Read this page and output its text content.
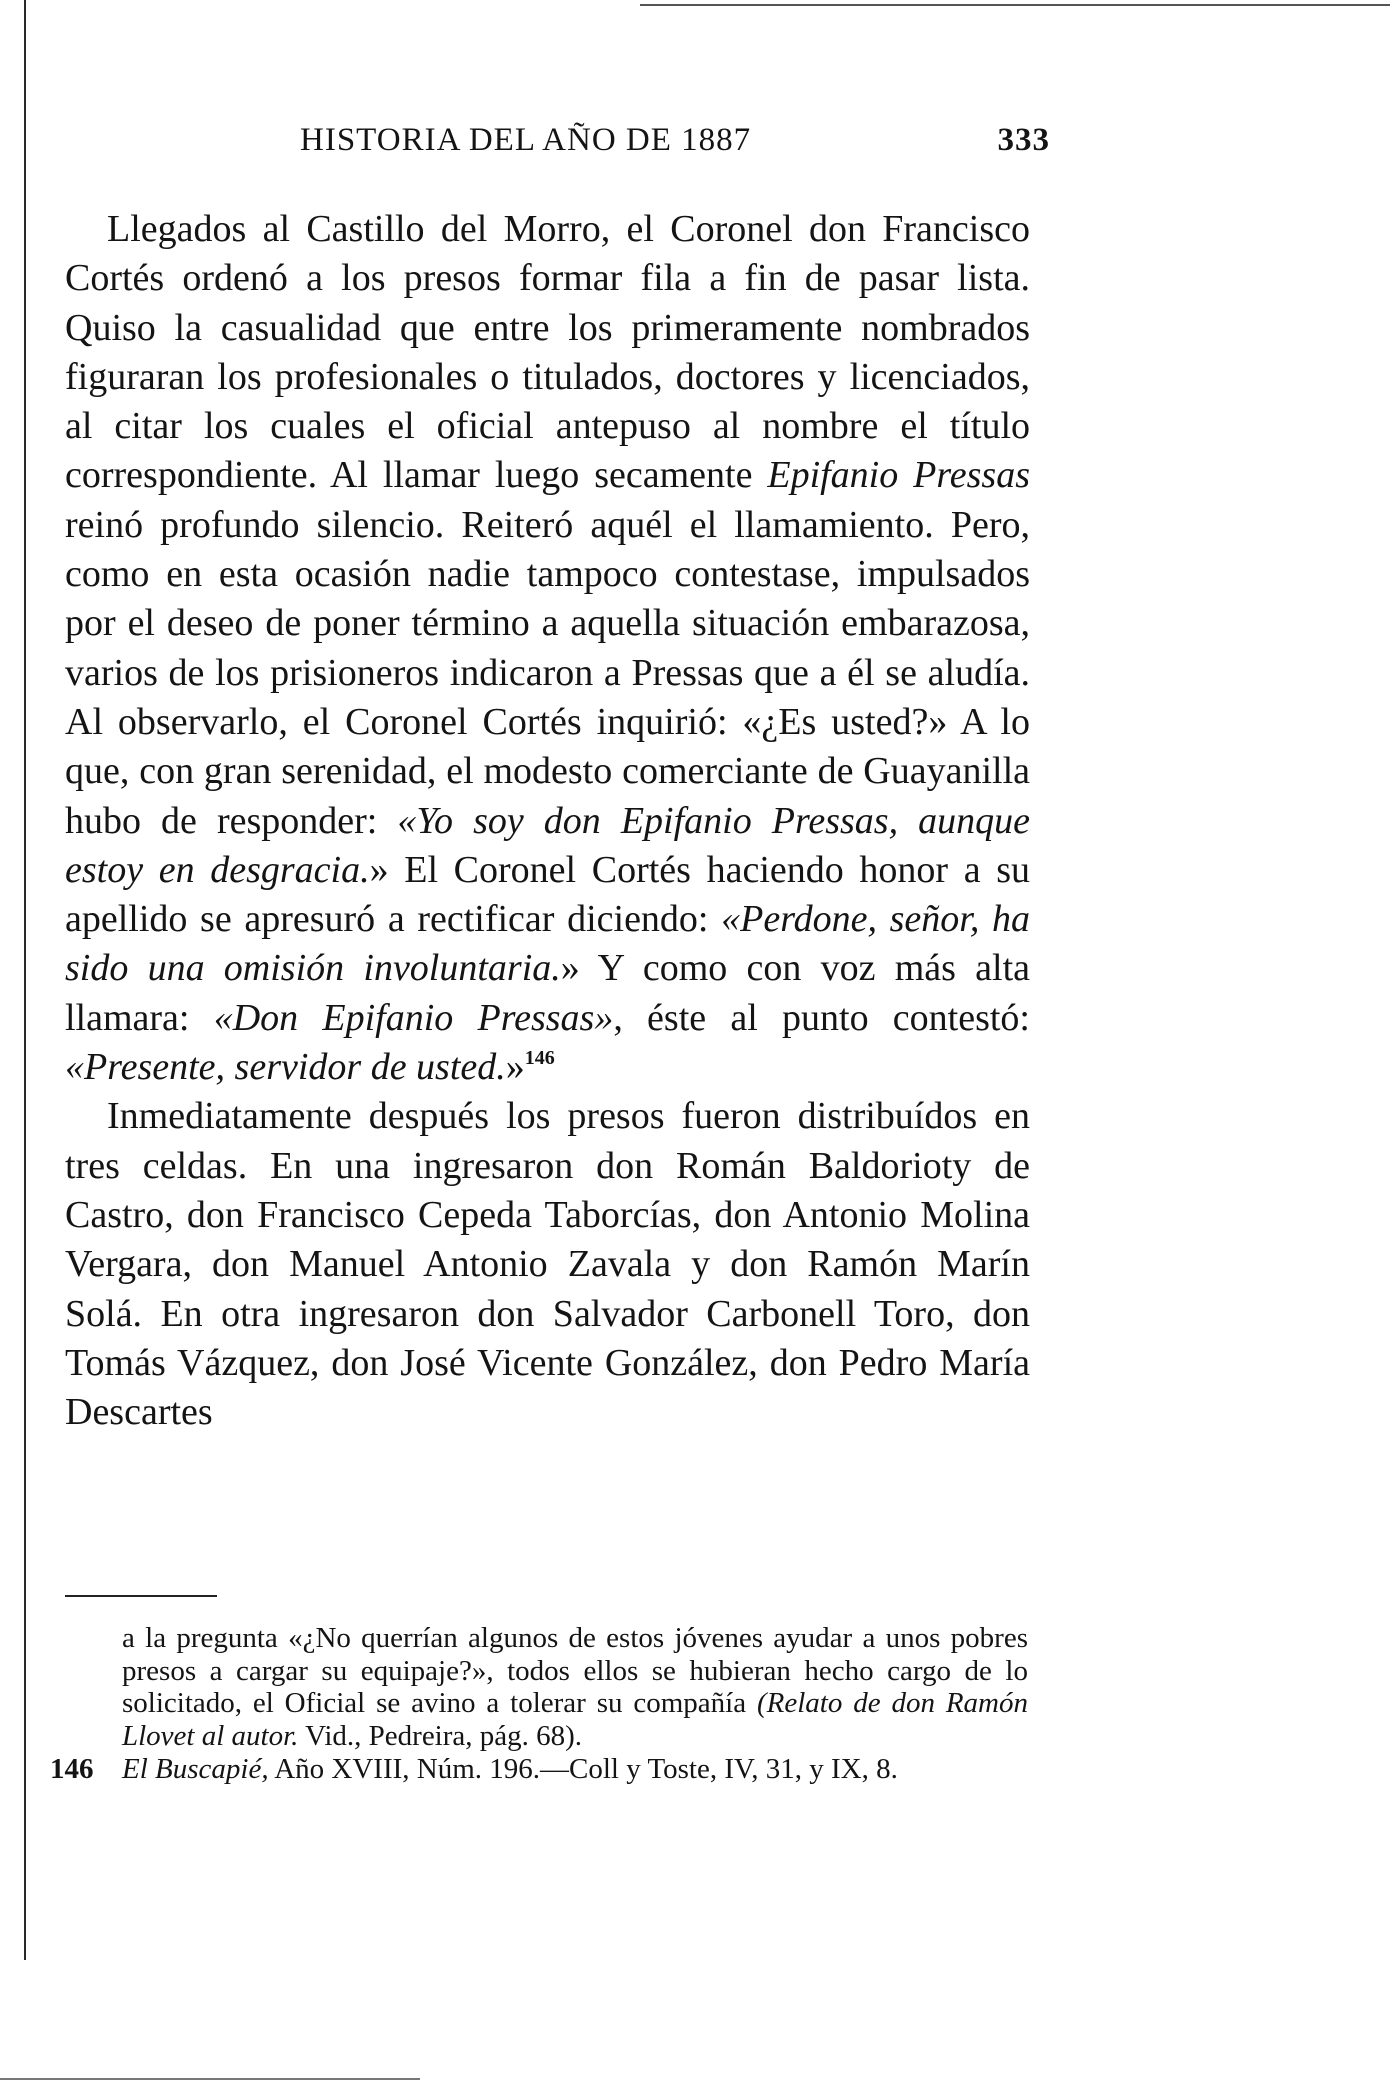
HISTORIA DEL AÑO DE 1887	333

Llegados al Castillo del Morro, el Coronel don Francisco Cortés ordenó a los presos formar fila a fin de pasar lista. Quiso la casualidad que entre los primeramente nombrados figuraran los profesionales o titulados, doctores y licenciados, al citar los cuales el oficial antepuso al nombre el título correspondiente. Al llamar luego secamente Epifanio Pressas reinó profundo silencio. Reiteró aquél el llamamiento. Pero, como en esta ocasión nadie tampoco contestase, impulsados por el deseo de poner término a aquella situación embarazosa, varios de los prisioneros indicaron a Pressas que a él se aludía. Al observarlo, el Coronel Cortés inquirió: «¿Es usted?» A lo que, con gran serenidad, el modesto comerciante de Guayanilla hubo de responder: «Yo soy don Epifanio Pressas, aunque estoy en desgracia.» El Coronel Cortés haciendo honor a su apellido se apresuró a rectificar diciendo: «Perdone, señor, ha sido una omisión involuntaria.» Y como con voz más alta llamara: «Don Epifanio Pressas», éste al punto contestó: «Presente, servidor de usted.»$^{146}$

Inmediatamente después los presos fueron distribuídos en tres celdas. En una ingresaron don Román Baldorioty de Castro, don Francisco Cepeda Taborcías, don Antonio Molina Vergara, don Manuel Antonio Zavala y don Ramón Marín Solá. En otra ingresaron don Salvador Carbonell Toro, don Tomás Vázquez, don José Vicente González, don Pedro María Descartes

a la pregunta «¿No querrían algunos de estos jóvenes ayudar a unos pobres presos a cargar su equipaje?», todos ellos se hubieran hecho cargo de lo solicitado, el Oficial se avino a tolerar su compañía (Relato de don Ramón Llovet al autor. Vid., Pedreira, pág. 68).

146 El Buscapié, Año XVIII, Núm. 196.—Coll y Toste, IV, 31, y IX, 8.
